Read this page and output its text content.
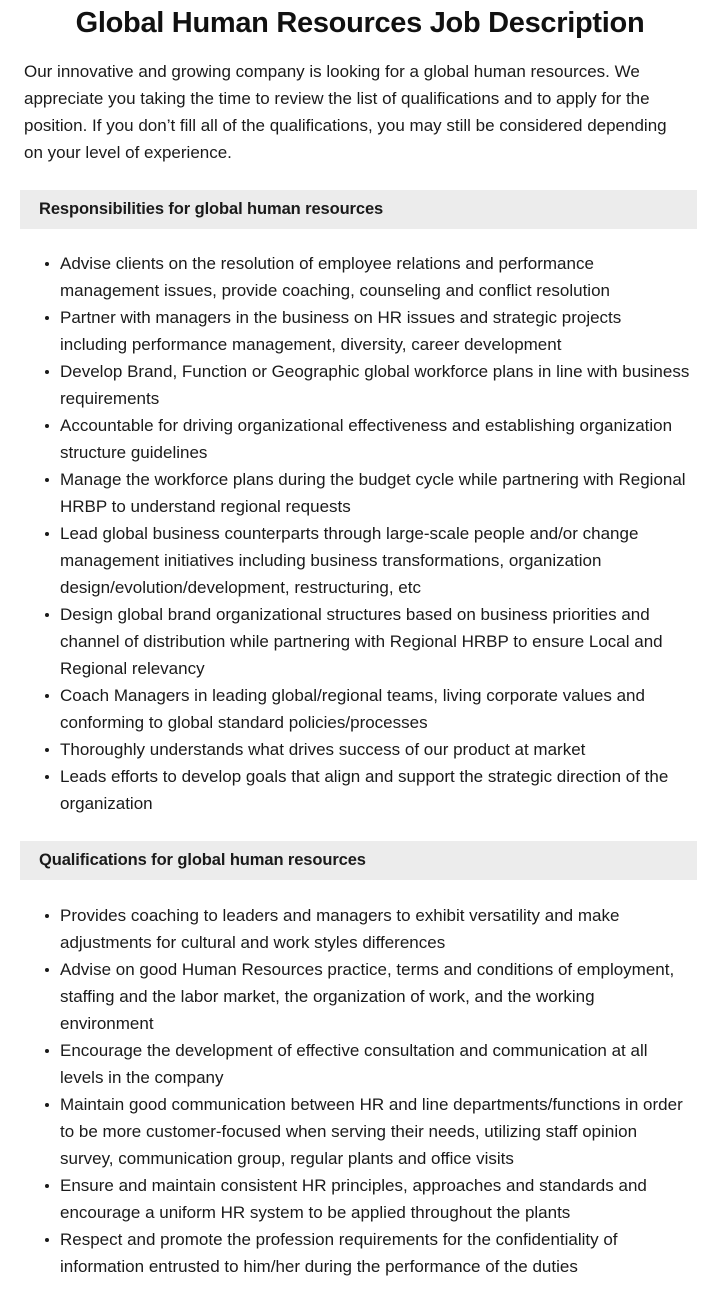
Global Human Resources Job Description

Our innovative and growing company is looking for a global human resources. We appreciate you taking the time to review the list of qualifications and to apply for the position. If you don’t fill all of the qualifications, you may still be considered depending on your level of experience.

Responsibilities for global human resources
Advise clients on the resolution of employee relations and performance management issues, provide coaching, counseling and conflict resolution
Partner with managers in the business on HR issues and strategic projects including performance management, diversity, career development
Develop Brand, Function or Geographic global workforce plans in line with business requirements
Accountable for driving organizational effectiveness and establishing organization structure guidelines
Manage the workforce plans during the budget cycle while partnering with Regional HRBP to understand regional requests
Lead global business counterparts through large-scale people and/or change management initiatives including business transformations, organization design/evolution/development, restructuring, etc
Design global brand organizational structures based on business priorities and channel of distribution while partnering with Regional HRBP to ensure Local and Regional relevancy
Coach Managers in leading global/regional teams, living corporate values and conforming to global standard policies/processes
Thoroughly understands what drives success of our product at market
Leads efforts to develop goals that align and support the strategic direction of the organization
Qualifications for global human resources
Provides coaching to leaders and managers to exhibit versatility and make adjustments for cultural and work styles differences
Advise on good Human Resources practice, terms and conditions of employment, staffing and the labor market, the organization of work, and the working environment
Encourage the development of effective consultation and communication at all levels in the company
Maintain good communication between HR and line departments/functions in order to be more customer-focused when serving their needs, utilizing staff opinion survey, communication group, regular plants and office visits
Ensure and maintain consistent HR principles, approaches and standards and encourage a uniform HR system to be applied throughout the plants
Respect and promote the profession requirements for the confidentiality of information entrusted to him/her during the performance of the duties
